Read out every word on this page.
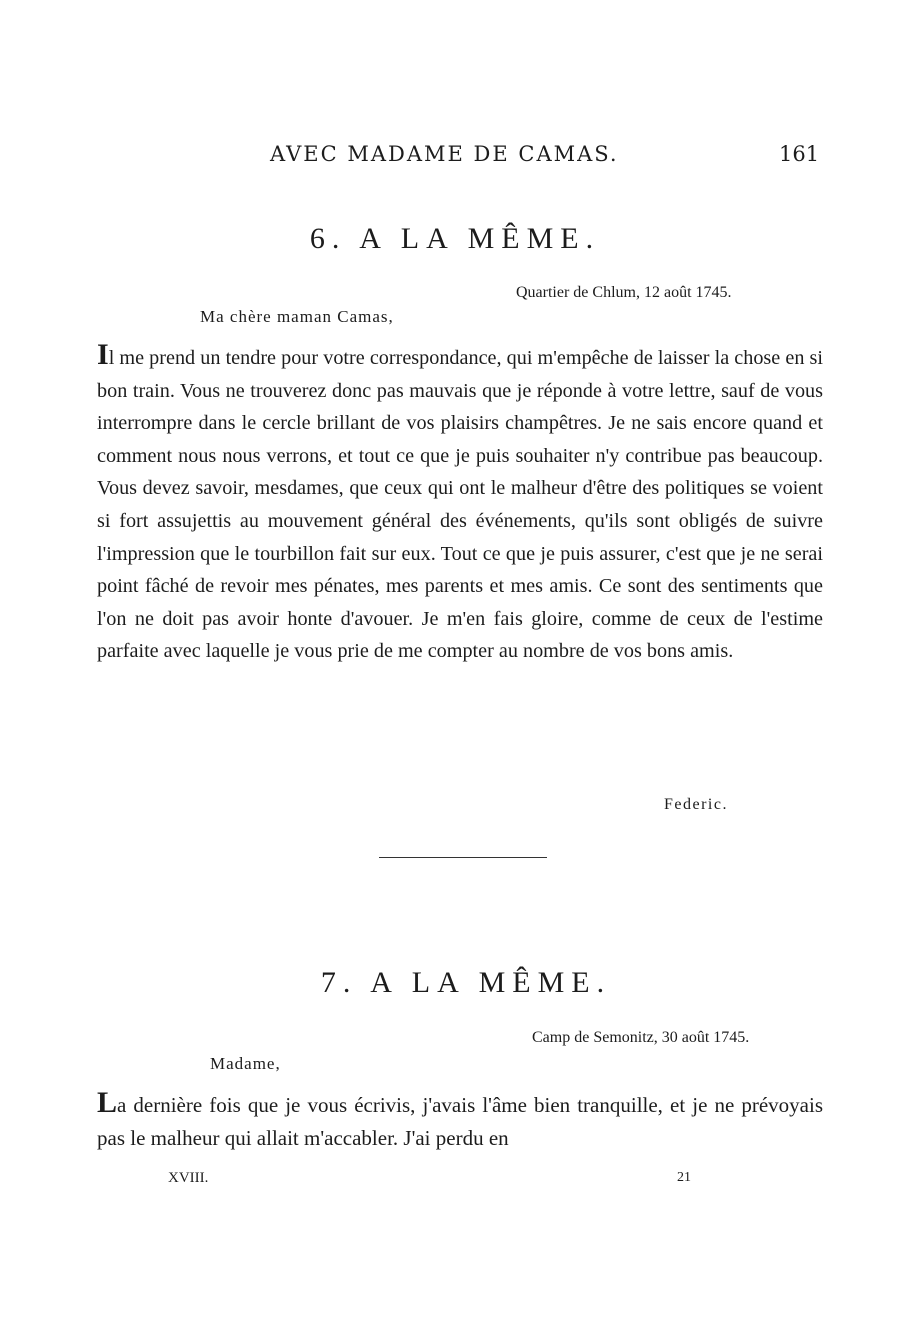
AVEC MADAME DE CAMAS.	161
6. A LA MÊME.
Quartier de Chlum, 12 août 1745.
Ma chère maman Camas,
Il me prend un tendre pour votre correspondance, qui m'empêche de laisser la chose en si bon train. Vous ne trouverez donc pas mauvais que je réponde à votre lettre, sauf de vous interrompre dans le cercle brillant de vos plaisirs champêtres. Je ne sais encore quand et comment nous nous verrons, et tout ce que je puis souhaiter n'y contribue pas beaucoup. Vous devez savoir, mesdames, que ceux qui ont le malheur d'être des politiques se voient si fort assujettis au mouvement général des événements, qu'ils sont obligés de suivre l'impression que le tourbillon fait sur eux. Tout ce que je puis assurer, c'est que je ne serai point fâché de revoir mes pénates, mes parents et mes amis. Ce sont des sentiments que l'on ne doit pas avoir honte d'avouer. Je m'en fais gloire, comme de ceux de l'estime parfaite avec laquelle je vous prie de me compter au nombre de vos bons amis.
Federic.
7. A LA MÊME.
Camp de Semonitz, 30 août 1745.
Madame,
La dernière fois que je vous écrivis, j'avais l'âme bien tranquille, et je ne prévoyais pas le malheur qui allait m'accabler. J'ai perdu en
XVIII.	21
